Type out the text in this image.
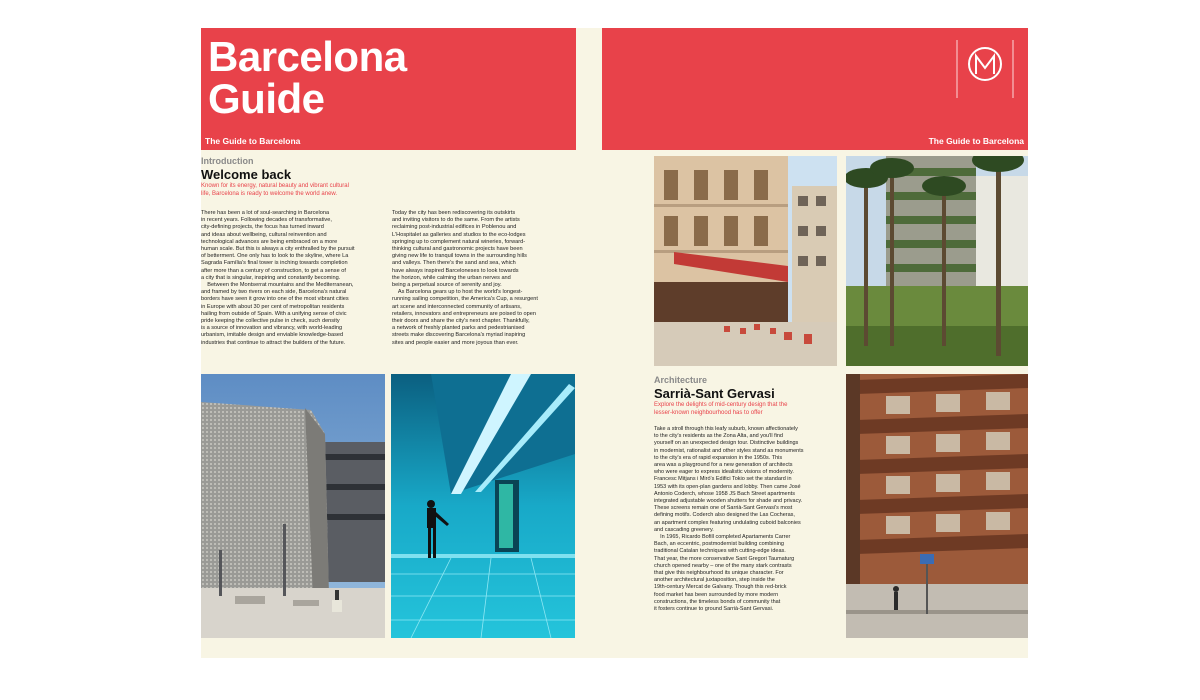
Barcelona
Guide
The Guide to Barcelona	The Guide to Barcelona
Introduction
Welcome back
Known for its energy, natural beauty and vibrant cultural
life, Barcelona is ready to welcome the world anew.

There has been a lot of soul-searching in Barcelona

in recent years. Following decades of transformative,

city-defining projects, the focus has turned inward

and ideas about wellbeing, cultural reinvention and

technological advances are being embraced on a more

human scale. But this is always a city enthralled by the pursuit

of betterment. One only has to look to the skyline, where La

Sagrada Família's final tower is inching towards completion

after more than a century of construction, to get a sense of

a city that is singular, inspiring and constantly becoming.

Between the Montserrat mountains and the Mediterranean,

and framed by two rivers on each side, Barcelona's natural

borders have seen it grow into one of the most vibrant cities

in Europe with about 30 per cent of metropolitan residents

hailing from outside of Spain. With a unifying sense of civic

pride keeping the collective pulse in check, such density

is a source of innovation and vibrancy, with world-leading

urbanism, imitable design and enviable knowledge-based

industries that continue to attract the builders of the future.

Today the city has been rediscovering its outskirts

and inviting visitors to do the same. From the artists

reclaiming post-industrial edifices in Poblenou and

L'Hospitalet as galleries and studios to the eco-lodges

springing up to complement natural wineries, forward-

thinking cultural and gastronomic projects have been

giving new life to tranquil towns in the surrounding hills

and valleys. Then there's the sand and sea, which

have always inspired Barceloneses to look towards

the horizon, while calming the urban nerves and

being a perpetual source of serenity and joy.

As Barcelona gears up to host the world's longest-

running sailing competition, the America's Cup, a resurgent

art scene and interconnected community of artisans,

retailers, innovators and entrepreneurs are poised to open

their doors and share the city's next chapter. Thankfully,

a network of freshly planted parks and pedestrianised

streets make discovering Barcelona's myriad inspiring

sites and people easier and more joyous than ever.

Architecture
Sarrià-Sant Gervasi
Explore the delights of mid-century design that the
lesser-known neighbourhood has to offer

Take a stroll through this leafy suburb, known affectionately

to the city's residents as the Zona Alta, and you'll find

yourself on an unexpected design tour. Distinctive buildings

in modernist, rationalist and other styles stand as monuments

to the city's era of rapid expansion in the 1950s. This

area was a playground for a new generation of architects

who were eager to express idealistic visions of modernity.

Francesc Mitjans i Miró's Edifici Tokio set the standard in

1953 with its open-plan gardens and lobby. Then came José

Antonio Coderch, whose 1958 JS Bach Street apartments

integrated adjustable wooden shutters for shade and privacy.

These screens remain one of Sarrià-Sant Gervasi's most

defining motifs. Coderch also designed the Las Cocheras,

an apartment complex featuring undulating cuboid balconies

and cascading greenery.

In 1965, Ricardo Bofill completed Apartaments Carrer

Bach, an eccentric, postmodernist building combining

traditional Catalan techniques with cutting-edge ideas.

That year, the more conservative Sant Gregori Taumaturg

church opened nearby – one of the many stark contrasts

that give this neighbourhood its unique character. For

another architectural juxtaposition, step inside the

19th-century Mercat de Galvany. Though this red-brick

food market has been surrounded by more modern

constructions, the timeless bonds of community that

it fosters continue to ground Sarrià-Sant Gervasi.
